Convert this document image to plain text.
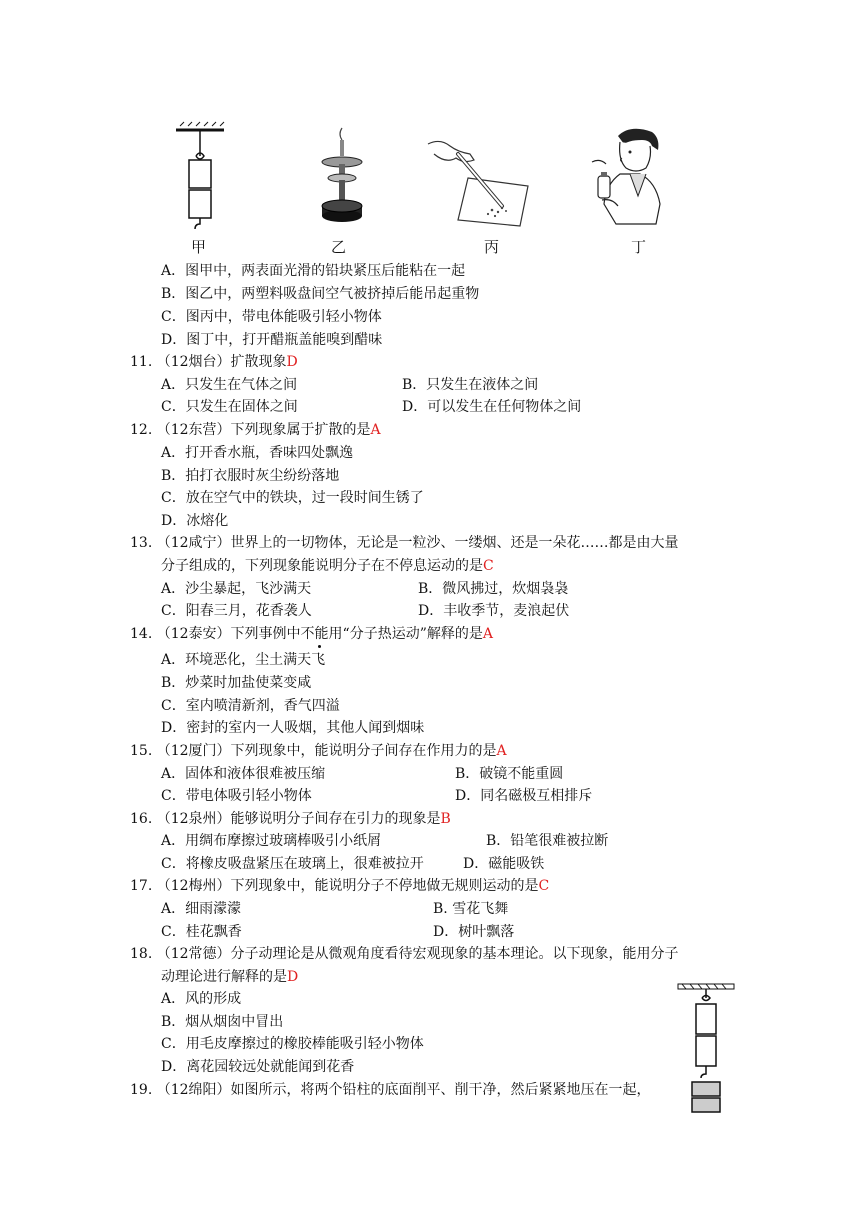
甲	乙	丙	丁
A．图甲中，两表面光滑的铅块紧压后能粘在一起
B．图乙中，两塑料吸盘间空气被挤掉后能吊起重物
C．图丙中，带电体能吸引轻小物体
D．图丁中，打开醋瓶盖能嗅到醋味
11. （12烟台）扩散现象D
A．只发生在气体之间	B．只发生在液体之间
C．只发生在固体之间	D．可以发生在任何物体之间
12. （12东营）下列现象属于扩散的是A
A．打开香水瓶，香味四处飘逸
B．拍打衣服时灰尘纷纷落地
C．放在空气中的铁块，过一段时间生锈了
D．冰熔化
13. （12咸宁）世界上的一切物体，无论是一粒沙、一缕烟、还是一朵花……都是由大量
分子组成的，下列现象能说明分子在不停息运动的是C
A．沙尘暴起，飞沙满天	B．微风拂过，炊烟袅袅
C．阳春三月，花香袭人	D．丰收季节，麦浪起伏
14. （12泰安）下列事例中不能用“分子热运动”解释的是A
A．环境恶化，尘土满天飞
B．炒菜时加盐使菜变咸
C．室内喷清新剂，香气四溢
D．密封的室内一人吸烟，其他人闻到烟味
15. （12厦门）下列现象中，能说明分子间存在作用力的是A
A．固体和液体很难被压缩	B．破镜不能重圆
C．带电体吸引轻小物体	D．同名磁极互相排斥
16. （12泉州）能够说明分子间存在引力的现象是B
A．用绸布摩擦过玻璃棒吸引小纸屑	B．铅笔很难被拉断
C．将橡皮吸盘紧压在玻璃上，很难被拉开	D．磁能吸铁
17. （12梅州）下列现象中，能说明分子不停地做无规则运动的是C
A．细雨濛濛	B. 雪花飞舞
C．桂花飘香	D．树叶飘落
18. （12常德）分子动理论是从微观角度看待宏观现象的基本理论。以下现象，能用分子
动理论进行解释的是D
A．风的形成
B．烟从烟囱中冒出
C．用毛皮摩擦过的橡胶棒能吸引轻小物体
D．离花园较远处就能闻到花香
19. （12绵阳）如图所示，将两个铅柱的底面削平、削干净，然后紧紧地压在一起，
